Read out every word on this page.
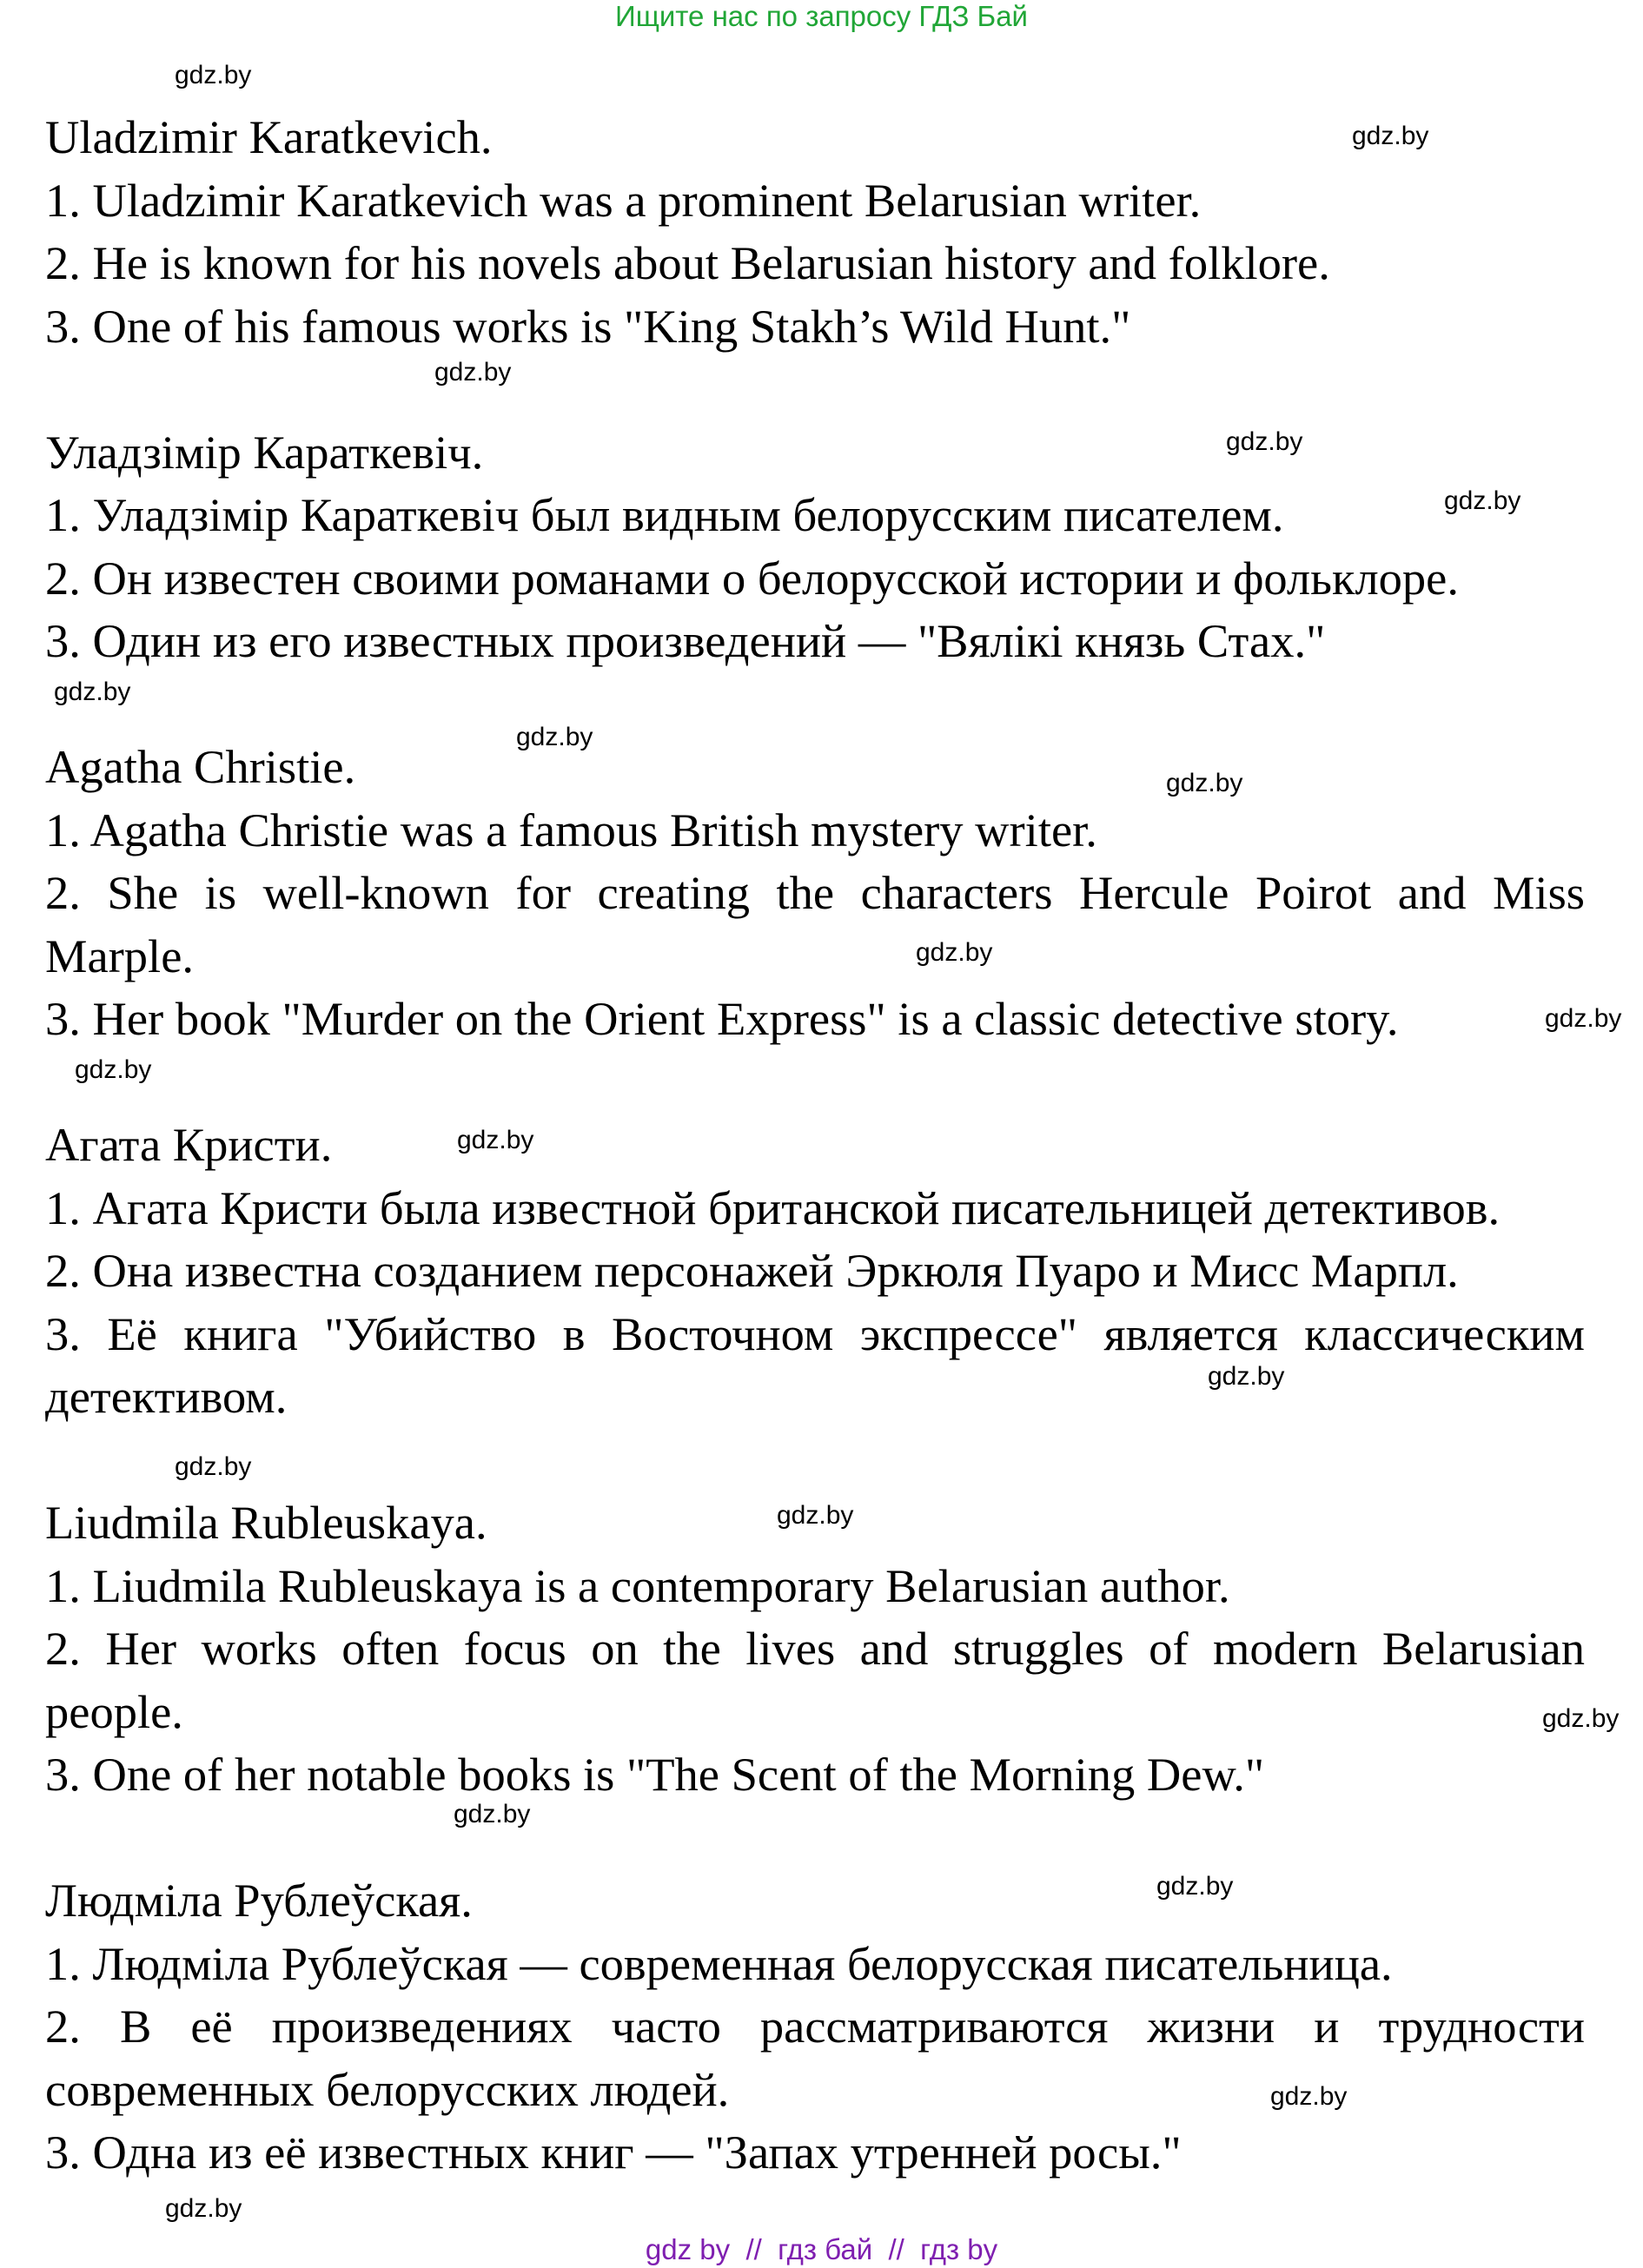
Ищите нас по запросу ГДЗ Бай
Uladzimir Karatkevich.
1. Uladzimir Karatkevich was a prominent Belarusian writer.
2. He is known for his novels about Belarusian history and folklore.
3. One of his famous works is "King Stakh’s Wild Hunt."
Уладзімір Караткевіч.
1. Уладзімір Караткевіч был видным белорусским писателем.
2. Он известен своими романами о белорусской истории и фольклоре.
3. Один из его известных произведений — "Вялікі князь Стах."
Agatha Christie.
1. Agatha Christie was a famous British mystery writer.
2. She is well-known for creating the characters Hercule Poirot and Miss
Marple.
3. Her book "Murder on the Orient Express" is a classic detective story.
Агата Кристи.
1. Агата Кристи была известной британской писательницей детективов.
2. Она известна созданием персонажей Эркюля Пуаро и Мисс Марпл.
3. Её книга "Убийство в Восточном экспрессе" является классическим
детективом.
Liudmila Rubleuskaya.
1. Liudmila Rubleuskaya is a contemporary Belarusian author.
2. Her works often focus on the lives and struggles of modern Belarusian
people.
3. One of her notable books is "The Scent of the Morning Dew."
Людміла Рублеўская.
1. Людміла Рублеўская — современная белорусская писательница.
2. В её произведениях часто рассматриваются жизни и трудности
современных белорусских людей.
3. Одна из её известных книг — "Запах утренней росы."
gdz.by
gdz.by
gdz.by
gdz.by
gdz.by
gdz.by
gdz.by
gdz.by
gdz.by
gdz.by
gdz.by
gdz.by
gdz.by
gdz.by
gdz.by
gdz.by
gdz.by
gdz.by
gdz.by
gdz.by
gdz by  //  гдз бай  //  гдз by
